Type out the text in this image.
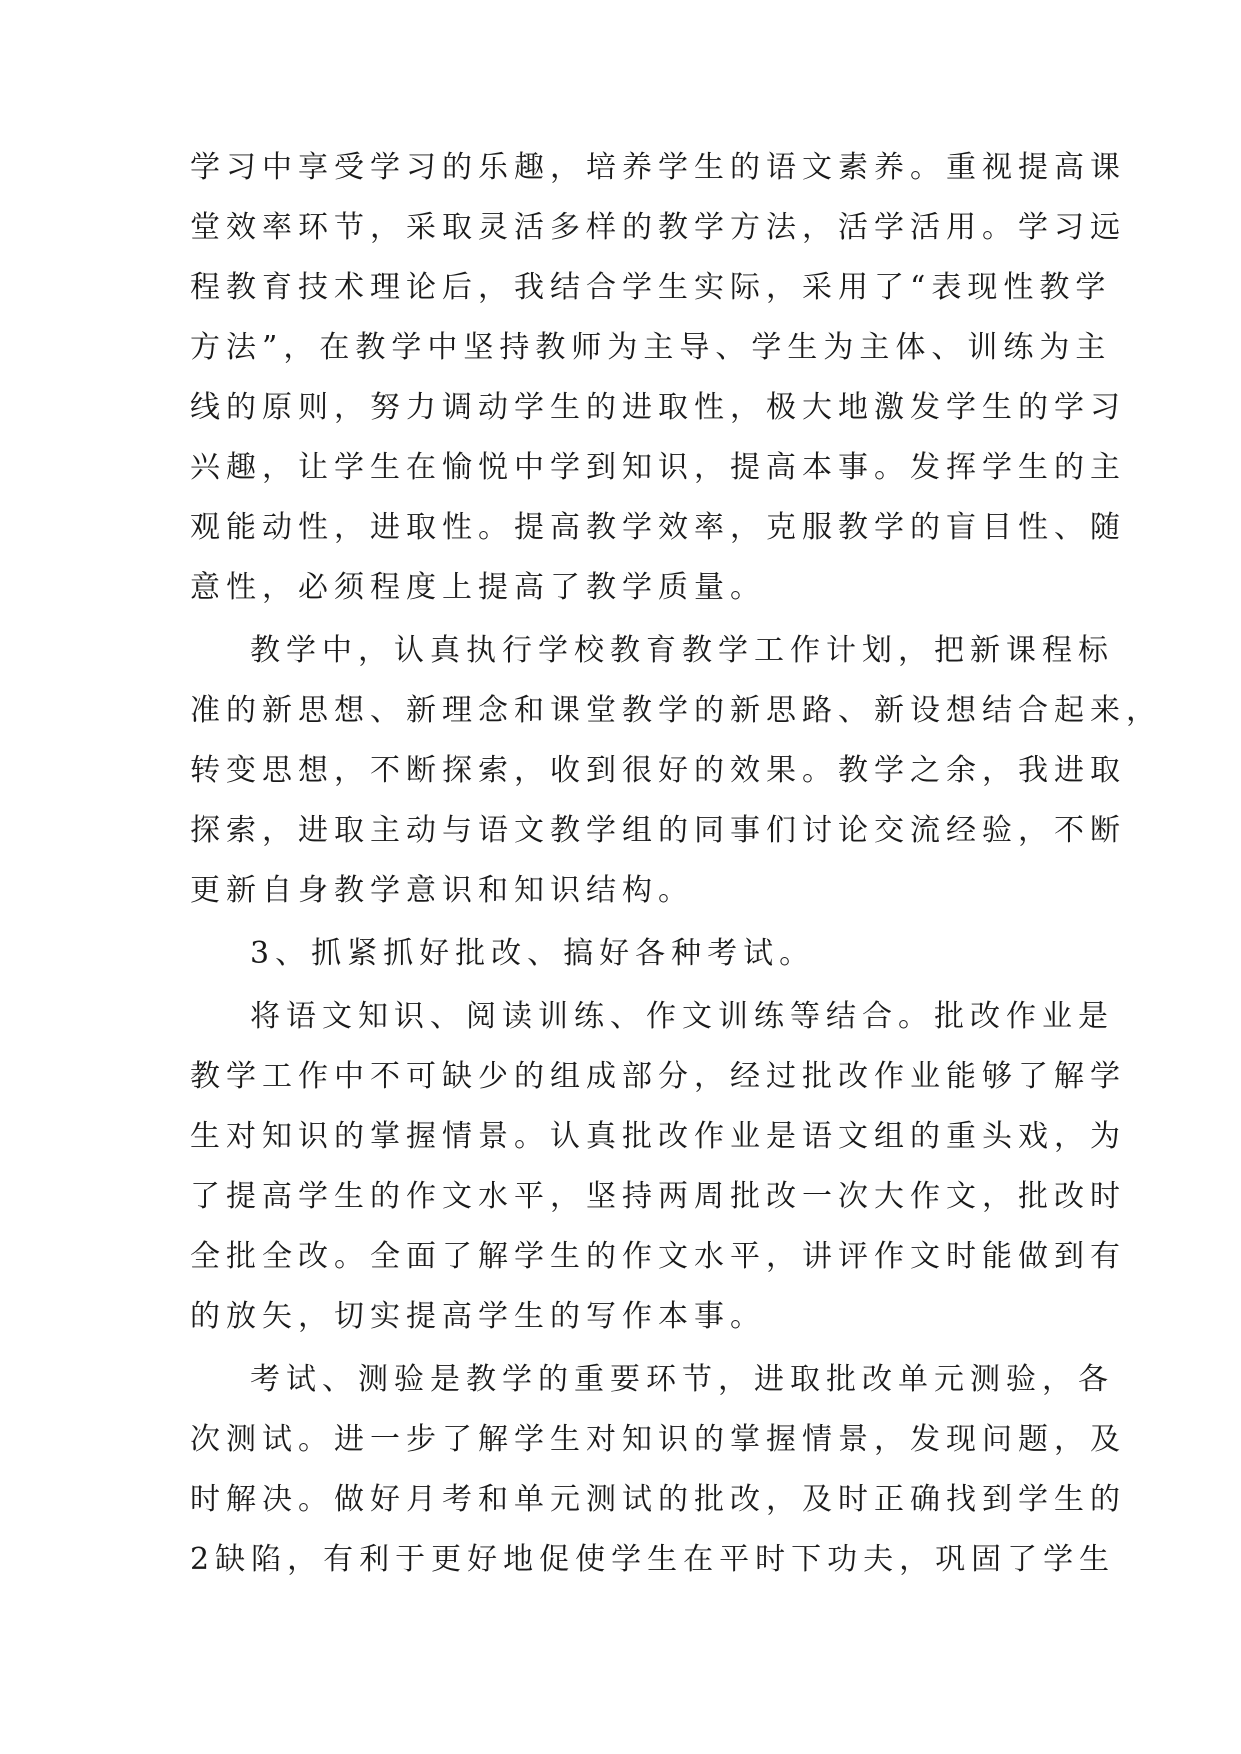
学习中享受学习的乐趣，培养学生的语文素养。重视提高课
堂效率环节，采取灵活多样的教学方法，活学活用。学习远
程教育技术理论后，我结合学生实际，采用了“表现性教学
方法”，在教学中坚持教师为主导、学生为主体、训练为主
线的原则，努力调动学生的进取性，极大地激发学生的学习
兴趣，让学生在愉悦中学到知识，提高本事。发挥学生的主
观能动性，进取性。提高教学效率，克服教学的盲目性、随
意性，必须程度上提高了教学质量。
教学中，认真执行学校教育教学工作计划，把新课程标
准的新思想、新理念和课堂教学的新思路、新设想结合起来，
转变思想，不断探索，收到很好的效果。教学之余，我进取
探索，进取主动与语文教学组的同事们讨论交流经验，不断
更新自身教学意识和知识结构。
3、抓紧抓好批改、搞好各种考试。
将语文知识、阅读训练、作文训练等结合。批改作业是
教学工作中不可缺少的组成部分，经过批改作业能够了解学
生对知识的掌握情景。认真批改作业是语文组的重头戏，为
了提高学生的作文水平，坚持两周批改一次大作文，批改时
全批全改。全面了解学生的作文水平，讲评作文时能做到有
的放矢，切实提高学生的写作本事。
考试、测验是教学的重要环节，进取批改单元测验，各
次测试。进一步了解学生对知识的掌握情景，发现问题，及
时解决。做好月考和单元测试的批改，及时正确找到学生的
2缺陷，有利于更好地促使学生在平时下功夫，巩固了学生
